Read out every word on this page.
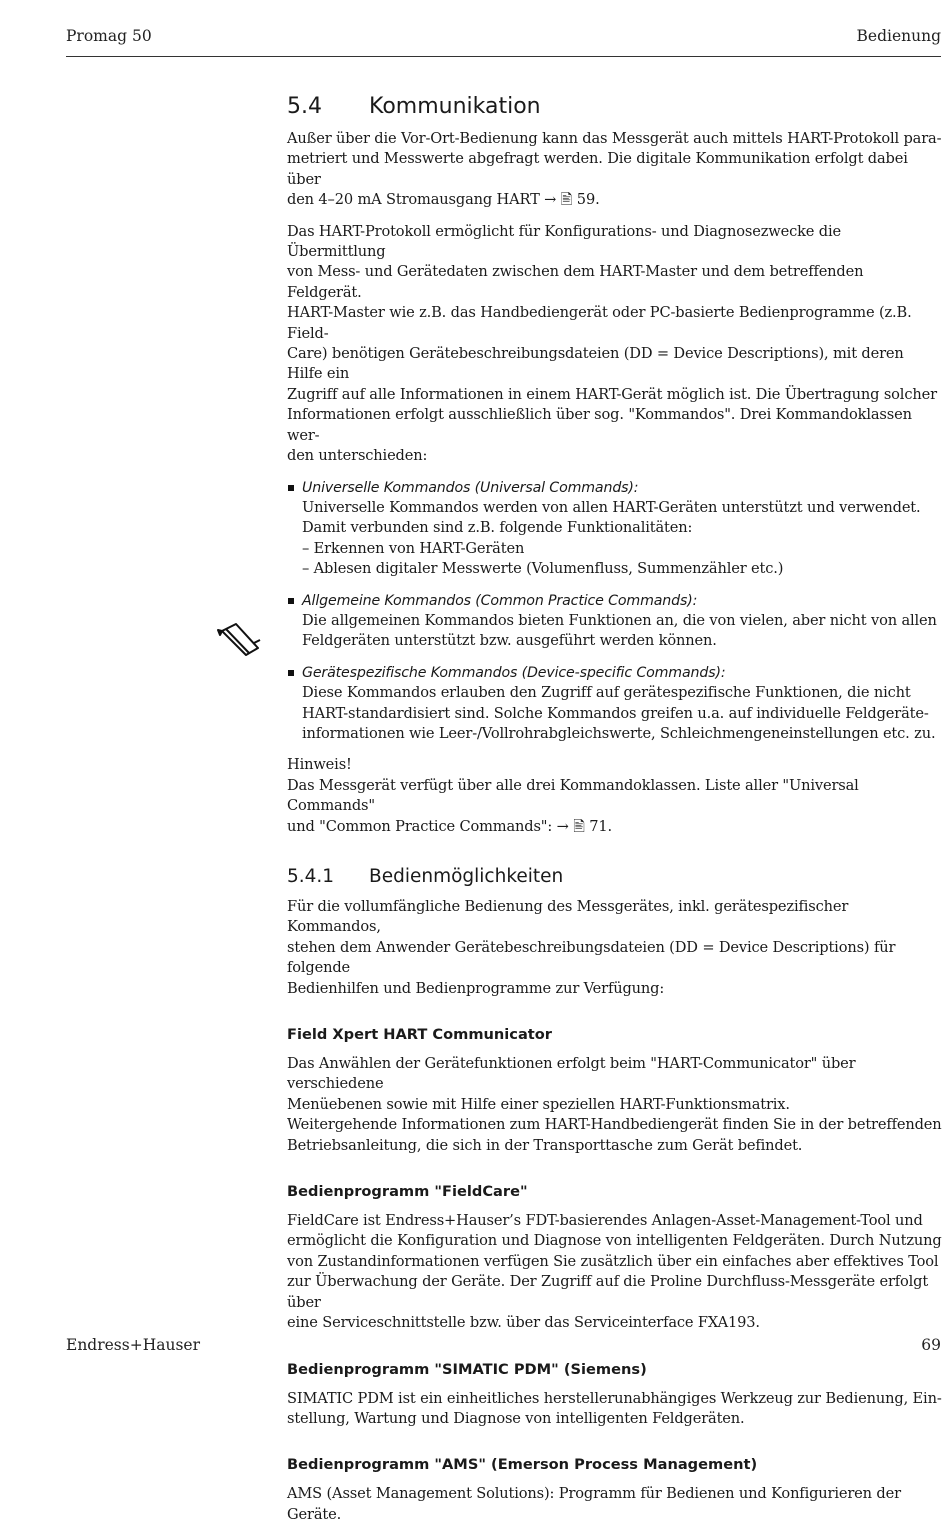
Promag 50	Bedienung
5.4 Kommunikation
Außer über die Vor-Ort-Bedienung kann das Messgerät auch mittels HART-Protokoll para-
metriert und Messwerte abgefragt werden. Die digitale Kommunikation erfolgt dabei über
den 4–20 mA Stromausgang HART → 🖹 59.
Das HART-Protokoll ermöglicht für Konfigurations- und Diagnosezwecke die Übermittlung
von Mess- und Gerätedaten zwischen dem HART-Master und dem betreffenden Feldgerät.
HART-Master wie z.B. das Handbediengerät oder PC-basierte Bedienprogramme (z.B. Field-
Care) benötigen Gerätebeschreibungsdateien (DD = Device Descriptions), mit deren Hilfe ein
Zugriff auf alle Informationen in einem HART-Gerät möglich ist. Die Übertragung solcher
Informationen erfolgt ausschließlich über sog. "Kommandos". Drei Kommandoklassen wer-
den unterschieden:
Universelle Kommandos (Universal Commands):
Universelle Kommandos werden von allen HART-Geräten unterstützt und verwendet.
Damit verbunden sind z.B. folgende Funktionalitäten:
– Erkennen von HART-Geräten
– Ablesen digitaler Messwerte (Volumenfluss, Summenzähler etc.)
Allgemeine Kommandos (Common Practice Commands):
Die allgemeinen Kommandos bieten Funktionen an, die von vielen, aber nicht von allen
Feldgeräten unterstützt bzw. ausgeführt werden können.
Gerätespezifische Kommandos (Device-specific Commands):
Diese Kommandos erlauben den Zugriff auf gerätespezifische Funktionen, die nicht
HART-standardisiert sind. Solche Kommandos greifen u.a. auf individuelle Feldgeräte-
informationen wie Leer-/Vollrohrabgleichswerte, Schleichmengeneinstellungen etc. zu.
Hinweis!
Das Messgerät verfügt über alle drei Kommandoklassen. Liste aller "Universal Commands"
und "Common Practice Commands": → 🖹 71.
5.4.1 Bedienmöglichkeiten
Für die vollumfängliche Bedienung des Messgerätes, inkl. gerätespezifischer Kommandos,
stehen dem Anwender Gerätebeschreibungsdateien (DD = Device Descriptions) für folgende
Bedienhilfen und Bedienprogramme zur Verfügung:
Field Xpert HART Communicator
Das Anwählen der Gerätefunktionen erfolgt beim "HART-Communicator" über verschiedene
Menüebenen sowie mit Hilfe einer speziellen HART-Funktionsmatrix.
Weitergehende Informationen zum HART-Handbediengerät finden Sie in der betreffenden
Betriebsanleitung, die sich in der Transporttasche zum Gerät befindet.
Bedienprogramm "FieldCare"
FieldCare ist Endress+Hauser’s FDT-basierendes Anlagen-Asset-Management-Tool und
ermöglicht die Konfiguration und Diagnose von intelligenten Feldgeräten. Durch Nutzung
von Zustandinformationen verfügen Sie zusätzlich über ein einfaches aber effektives Tool
zur Überwachung der Geräte. Der Zugriff auf die Proline Durchfluss-Messgeräte erfolgt über
eine Serviceschnittstelle bzw. über das Serviceinterface FXA193.
Bedienprogramm "SIMATIC PDM" (Siemens)
SIMATIC PDM ist ein einheitliches herstellerunabhängiges Werkzeug zur Bedienung, Ein-
stellung, Wartung und Diagnose von intelligenten Feldgeräten.
Bedienprogramm "AMS" (Emerson Process Management)
AMS (Asset Management Solutions): Programm für Bedienen und Konfigurieren der
Geräte.
Endress+Hauser	69
